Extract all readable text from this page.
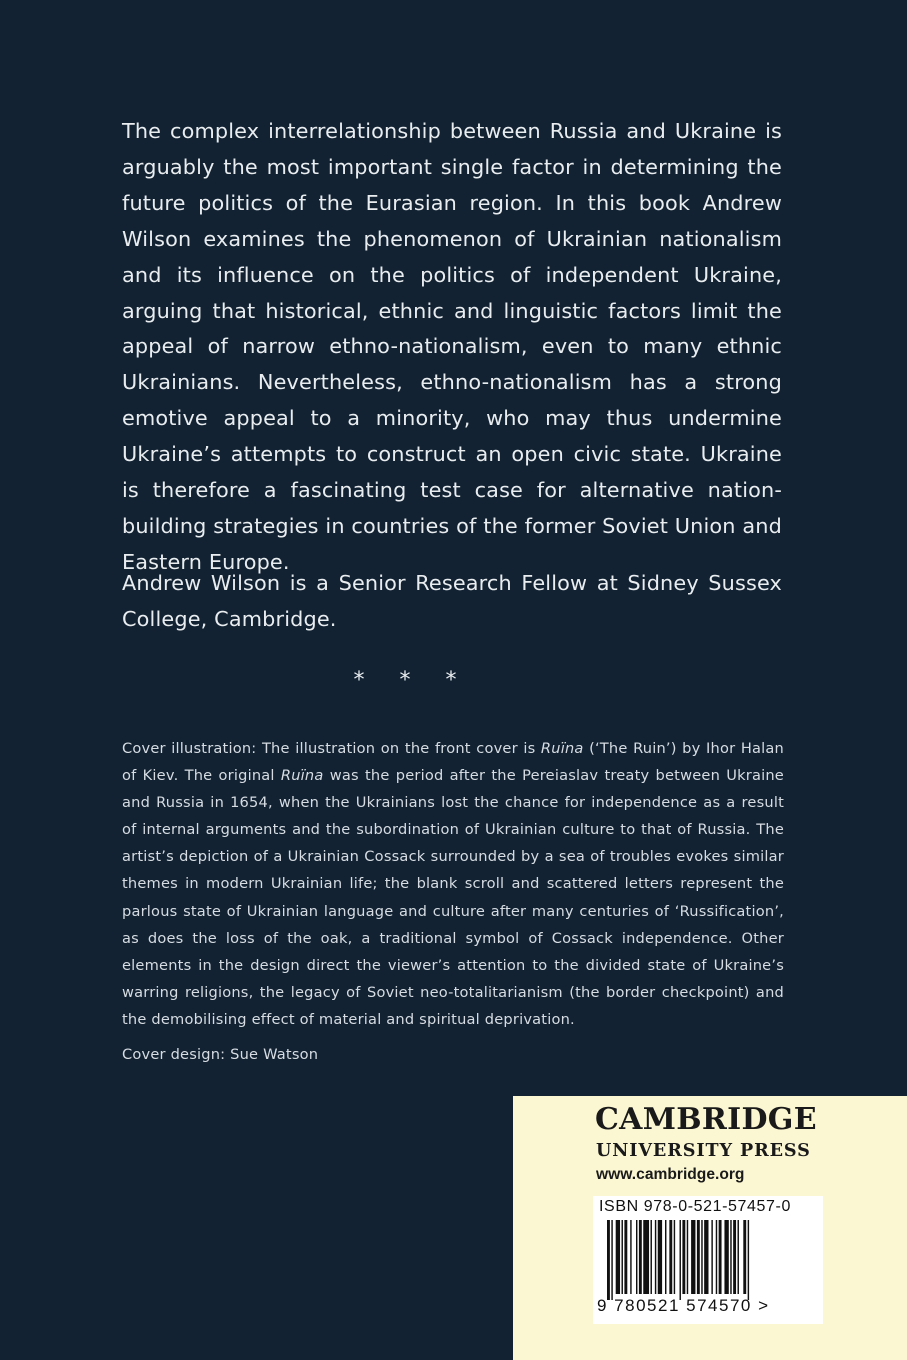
The complex interrelationship between Russia and Ukraine is arguably the most important single factor in determining the future politics of the Eurasian region. In this book Andrew Wilson examines the phenomenon of Ukrainian nationalism and its influence on the politics of independent Ukraine, arguing that historical, ethnic and linguistic factors limit the appeal of narrow ethno-nationalism, even to many ethnic Ukrainians. Nevertheless, ethno-nationalism has a strong emotive appeal to a minority, who may thus undermine Ukraine’s attempts to construct an open civic state. Ukraine is therefore a fascinating test case for alternative nation-building strategies in countries of the former Soviet Union and Eastern Europe.

Andrew Wilson is a Senior Research Fellow at Sidney Sussex College, Cambridge.

* * *

Cover illustration: The illustration on the front cover is Ruïna (‘The Ruin’) by Ihor Halan of Kiev. The original Ruïna was the period after the Pereiaslav treaty between Ukraine and Russia in 1654, when the Ukrainians lost the chance for independence as a result of internal arguments and the subordination of Ukrainian culture to that of Russia. The artist’s depiction of a Ukrainian Cossack surrounded by a sea of troubles evokes similar themes in modern Ukrainian life; the blank scroll and scattered letters represent the parlous state of Ukrainian language and culture after many centuries of ‘Russification’, as does the loss of the oak, a traditional symbol of Cossack independence. Other elements in the design direct the viewer’s attention to the divided state of Ukraine’s warring religions, the legacy of Soviet neo-totalitarianism (the border checkpoint) and the demobilising effect of material and spiritual deprivation.

Cover design: Sue Watson
CAMBRIDGE
UNIVERSITY PRESS
www.cambridge.org
ISBN 978-0-521-57457-0
9 780521 574570 >
